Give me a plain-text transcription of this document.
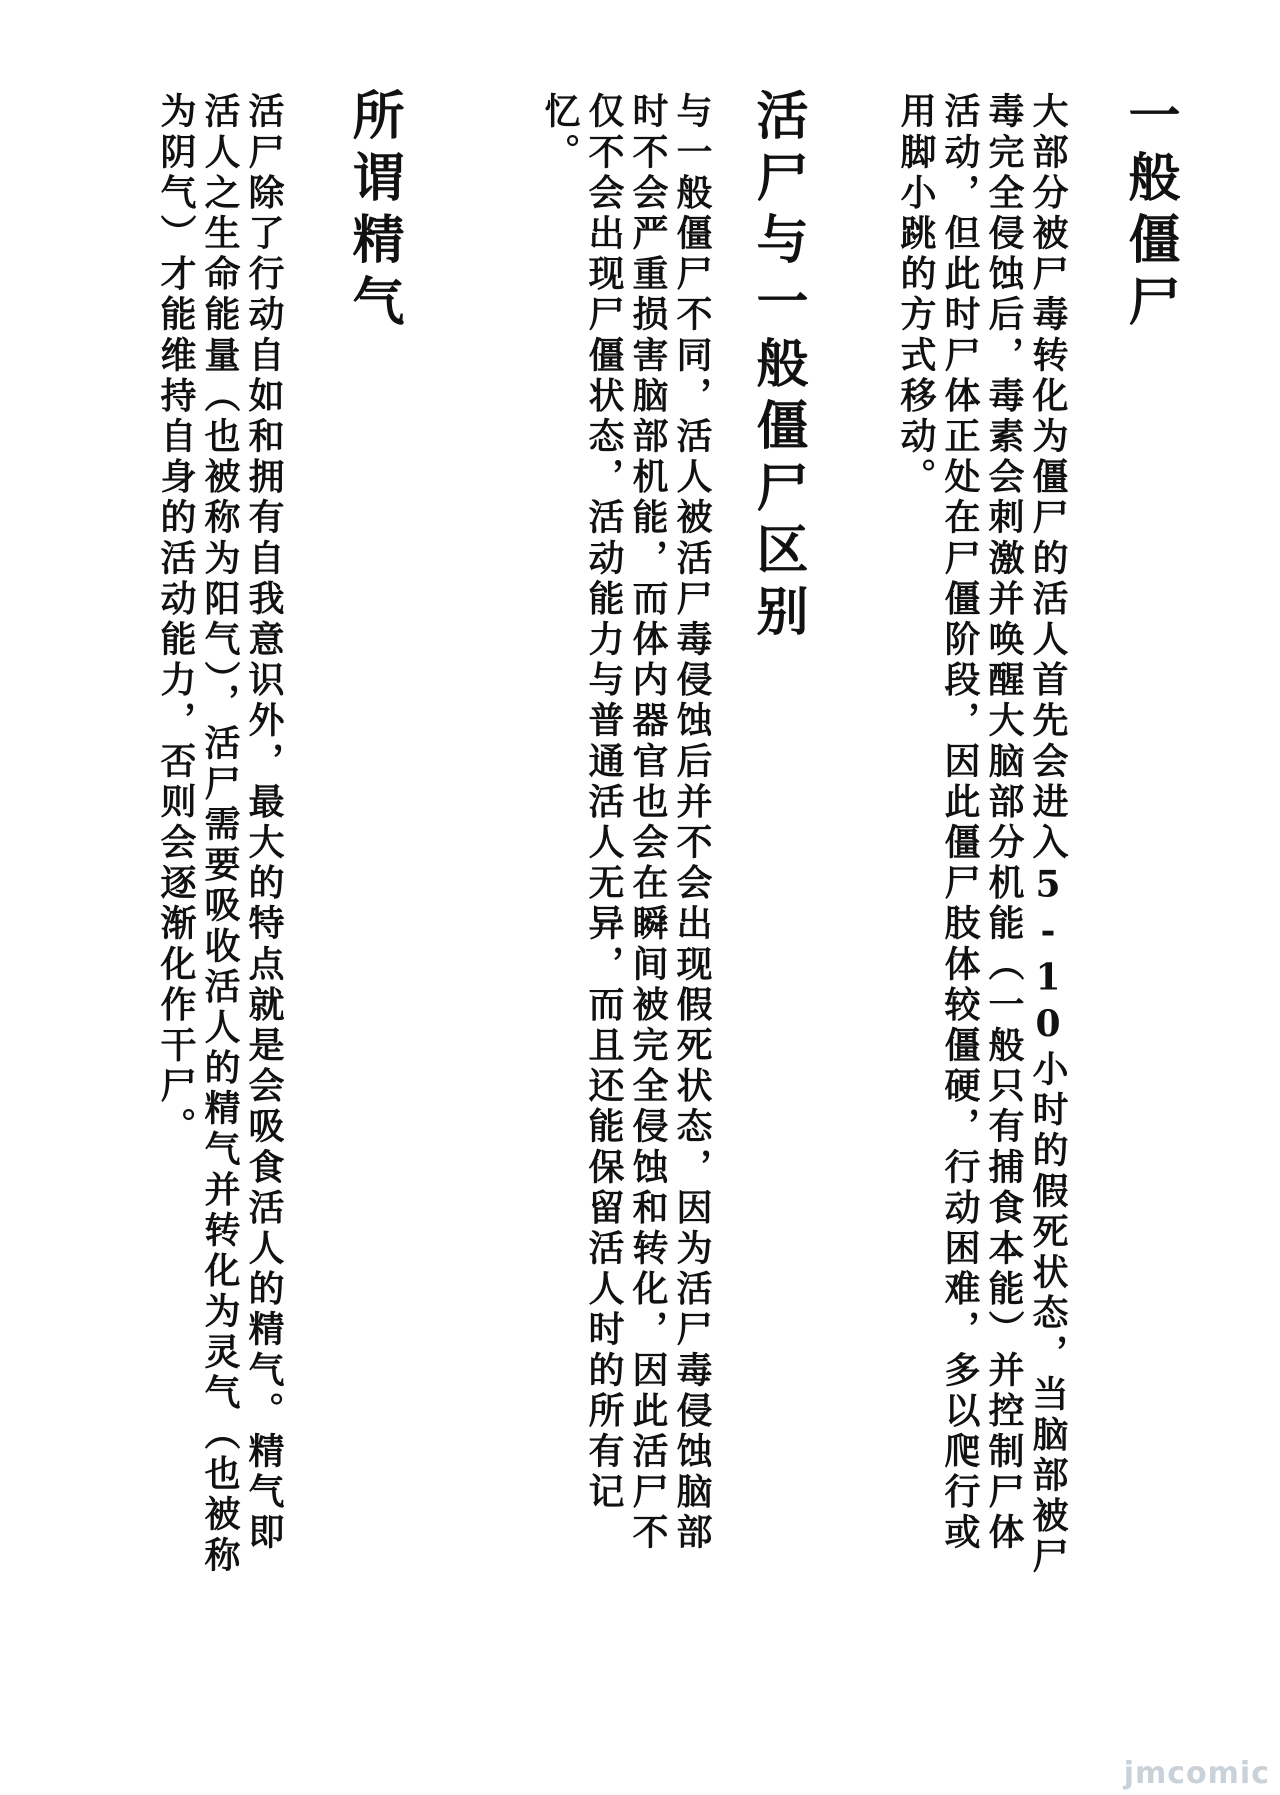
一般僵尸
大部分被尸毒转化为僵尸的活人首先会进入5-10小时的假死状态，当脑部被尸毒完全侵蚀后，毒素会刺激并唤醒大脑部分机能（一般只有捕食本能）并控制尸体活动，但此时尸体正处在尸僵阶段，因此僵尸肢体较僵硬，行动困难，多以爬行或用脚小跳的方式移动。
活尸与一般僵尸区别
与一般僵尸不同，活人被活尸毒侵蚀后并不会出现假死状态，因为活尸毒侵蚀脑部时不会严重损害脑部机能，而体内器官也会在瞬间被完全侵蚀和转化，因此活尸不仅不会出现尸僵状态，活动能力与普通活人无异，而且还能保留活人时的所有记忆。
所谓精气
活尸除了行动自如和拥有自我意识外，最大的特点就是会吸食活人的精气。精气即活人之生命能量（也被称为阳气），活尸需要吸收活人的精气并转化为灵气（也被称为阴气）才能维持自身的活动能力，否则会逐渐化作干尸。
jmcomic
